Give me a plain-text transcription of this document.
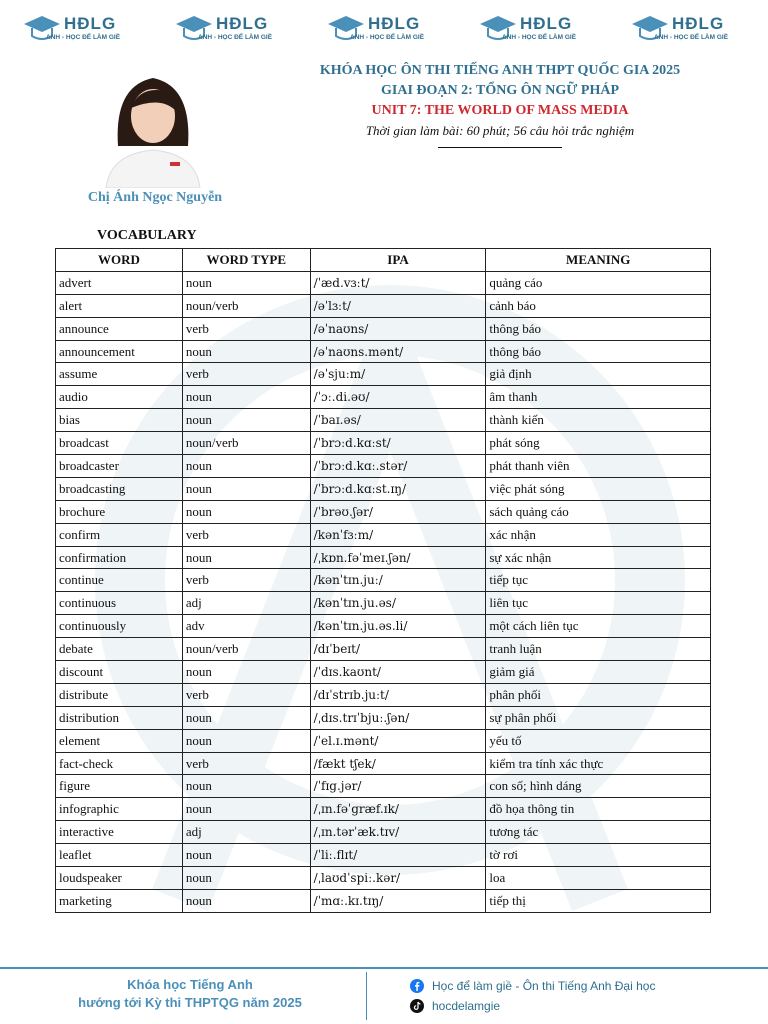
HĐLG
ANH - HỌC ĐỂ LÀM GIỀ
HĐLG
ANH - HỌC ĐỂ LÀM GIỀ
HĐLG
ANH - HỌC ĐỂ LÀM GIỀ
HĐLG
ANH - HỌC ĐỂ LÀM GIỀ
HĐLG
ANH - HỌC ĐỂ LÀM GIỀ
Chị Ánh Ngọc Nguyễn
KHÓA HỌC ÔN THI TIẾNG ANH THPT QUỐC GIA 2025
GIAI ĐOẠN 2: TỔNG ÔN NGỮ PHÁP
UNIT 7: THE WORLD OF MASS MEDIA
Thời gian làm bài: 60 phút; 56 câu hỏi trắc nghiệm
VOCABULARY
WORD	WORD TYPE	IPA	MEANING
advert	noun	/ˈæd.vɜːt/	quảng cáo
alert	noun/verb	/əˈlɜːt/	cảnh báo
announce	verb	/əˈnaʊns/	thông báo
announcement	noun	/əˈnaʊns.mənt/	thông báo
assume	verb	/əˈsjuːm/	giả định
audio	noun	/ˈɔː.di.əʊ/	âm thanh
bias	noun	/ˈbaɪ.əs/	thành kiến
broadcast	noun/verb	/ˈbrɔːd.kɑːst/	phát sóng
broadcaster	noun	/ˈbrɔːd.kɑː.stər/	phát thanh viên
broadcasting	noun	/ˈbrɔːd.kɑːst.ɪŋ/	việc phát sóng
brochure	noun	/ˈbrəʊ.ʃər/	sách quảng cáo
confirm	verb	/kənˈfɜːm/	xác nhận
confirmation	noun	/ˌkɒn.fəˈmeɪ.ʃən/	sự xác nhận
continue	verb	/kənˈtɪn.juː/	tiếp tục
continuous	adj	/kənˈtɪn.ju.əs/	liên tục
continuously	adv	/kənˈtɪn.ju.əs.li/	một cách liên tục
debate	noun/verb	/dɪˈbeɪt/	tranh luận
discount	noun	/ˈdɪs.kaʊnt/	giảm giá
distribute	verb	/dɪˈstrɪb.juːt/	phân phối
distribution	noun	/ˌdɪs.trɪˈbjuː.ʃən/	sự phân phối
element	noun	/ˈel.ɪ.mənt/	yếu tố
fact-check	verb	/fækt tʃek/	kiểm tra tính xác thực
figure	noun	/ˈfɪg.jər/	con số; hình dáng
infographic	noun	/ˌɪn.fəˈgræf.ɪk/	đồ họa thông tin
interactive	adj	/ˌɪn.tərˈæk.tɪv/	tương tác
leaflet	noun	/ˈliː.flɪt/	tờ rơi
loudspeaker	noun	/ˌlaʊdˈspiː.kər/	loa
marketing	noun	/ˈmɑː.kɪ.tɪŋ/	tiếp thị
Khóa học Tiếng Anh
hướng tới Kỳ thi THPTQG năm 2025
Học để làm giề - Ôn thi Tiếng Anh Đại học
hocdelamgie
